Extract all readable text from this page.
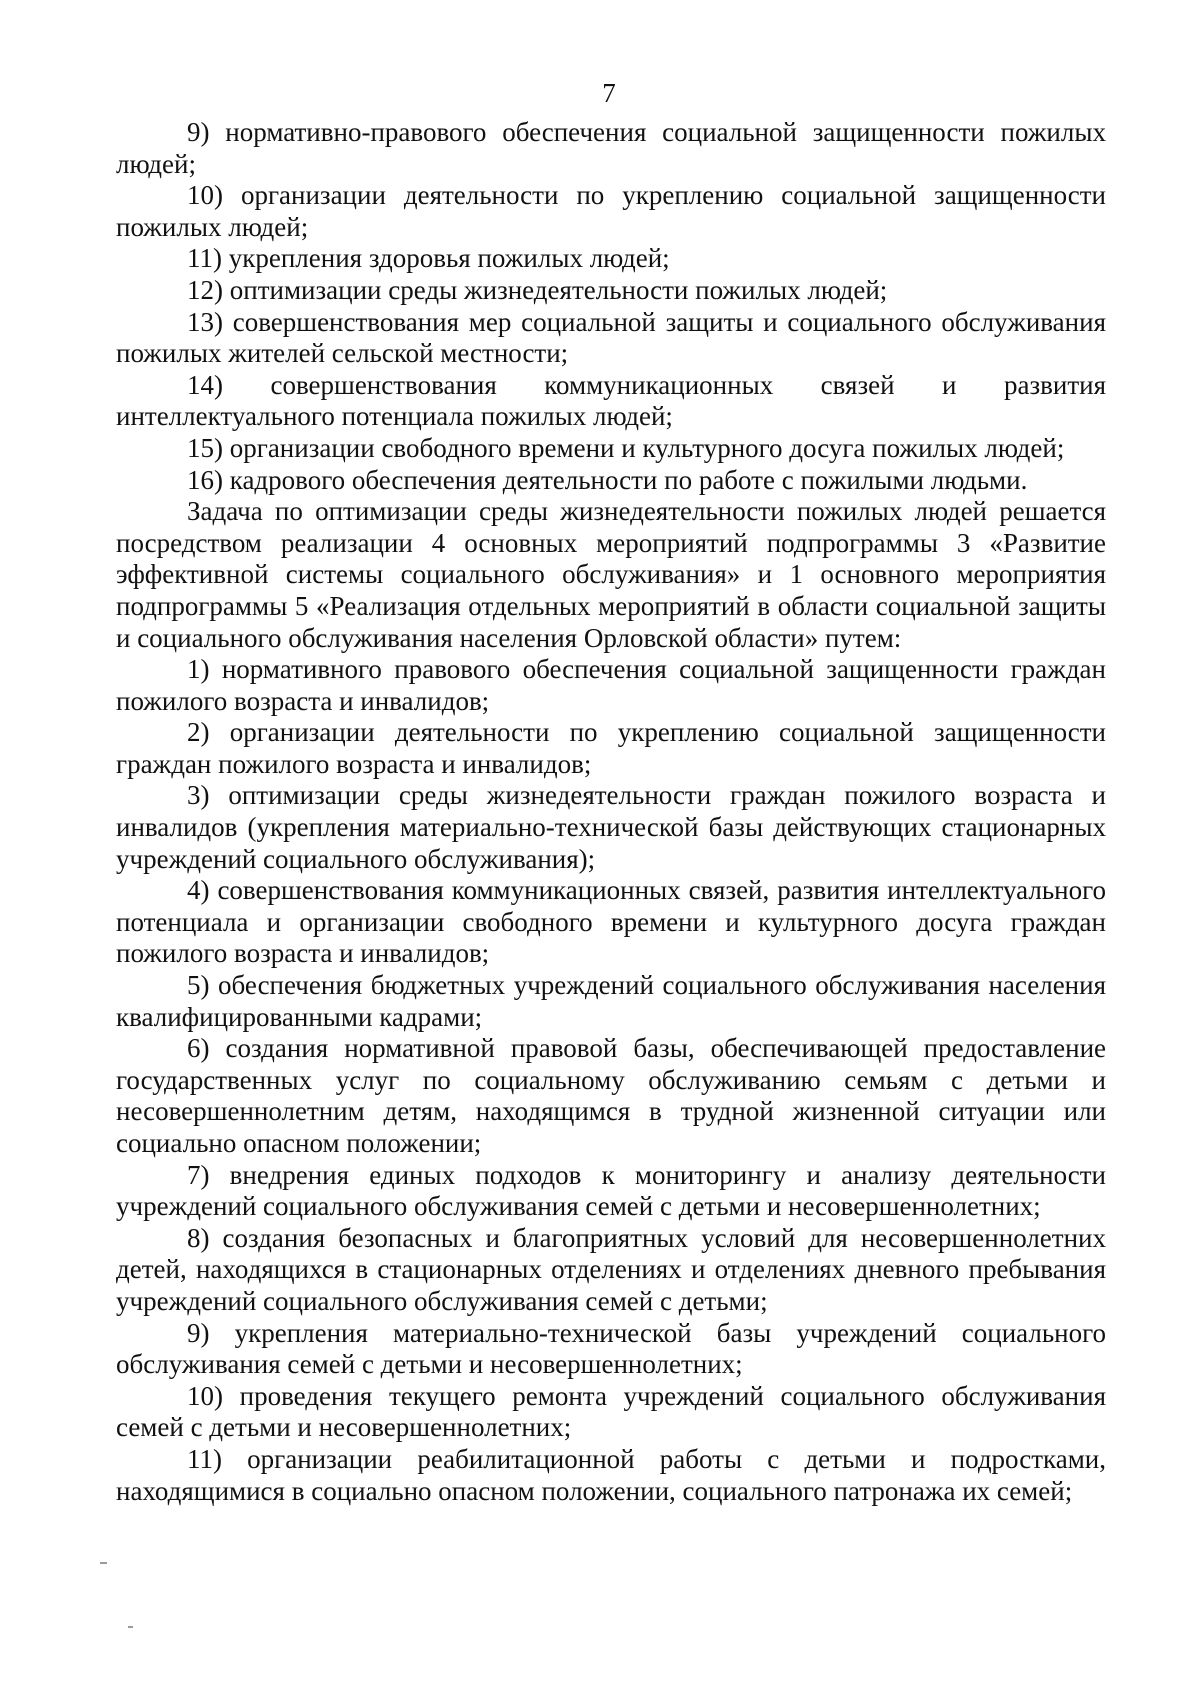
7

9) нормативно-правового обеспечения социальной защищенности пожилых людей;

10) организации деятельности по укреплению социальной защищенности пожилых людей;

11) укрепления здоровья пожилых людей;

12) оптимизации среды жизнедеятельности пожилых людей;

13) совершенствования мер социальной защиты и социального обслуживания пожилых жителей сельской местности;

14) совершенствования коммуникационных связей и развития интеллектуального потенциала пожилых людей;

15) организации свободного времени и культурного досуга пожилых людей;

16) кадрового обеспечения деятельности по работе с пожилыми людьми.

Задача по оптимизации среды жизнедеятельности пожилых людей решается посредством реализации 4 основных мероприятий подпрограммы 3 «Развитие эффективной системы социального обслуживания» и 1 основного мероприятия подпрограммы 5 «Реализация отдельных мероприятий в области социальной защиты и социального обслуживания населения Орловской области» путем:

1) нормативного правового обеспечения социальной защищенности граждан пожилого возраста и инвалидов;

2) организации деятельности по укреплению социальной защищенности граждан пожилого возраста и инвалидов;

3) оптимизации среды жизнедеятельности граждан пожилого возраста и инвалидов (укрепления материально-технической базы действующих стационарных учреждений социального обслуживания);

4) совершенствования коммуникационных связей, развития интеллектуального потенциала и организации свободного времени и культурного досуга граждан пожилого возраста и инвалидов;

5) обеспечения бюджетных учреждений социального обслуживания населения квалифицированными кадрами;

6) создания нормативной правовой базы, обеспечивающей предоставление государственных услуг по социальному обслуживанию семьям с детьми и несовершеннолетним детям, находящимся в трудной жизненной ситуации или социально опасном положении;

7) внедрения единых подходов к мониторингу и анализу деятельности учреждений социального обслуживания семей с детьми и несовершеннолетних;

8) создания безопасных и благоприятных условий для несовершеннолетних детей, находящихся в стационарных отделениях и отделениях дневного пребывания учреждений социального обслуживания семей с детьми;

9) укрепления материально-технической базы учреждений социального обслуживания семей с детьми и несовершеннолетних;

10) проведения текущего ремонта учреждений социального обслуживания семей с детьми и несовершеннолетних;

11) организации реабилитационной работы с детьми и подростками, находящимися в социально опасном положении, социального патронажа их семей;
